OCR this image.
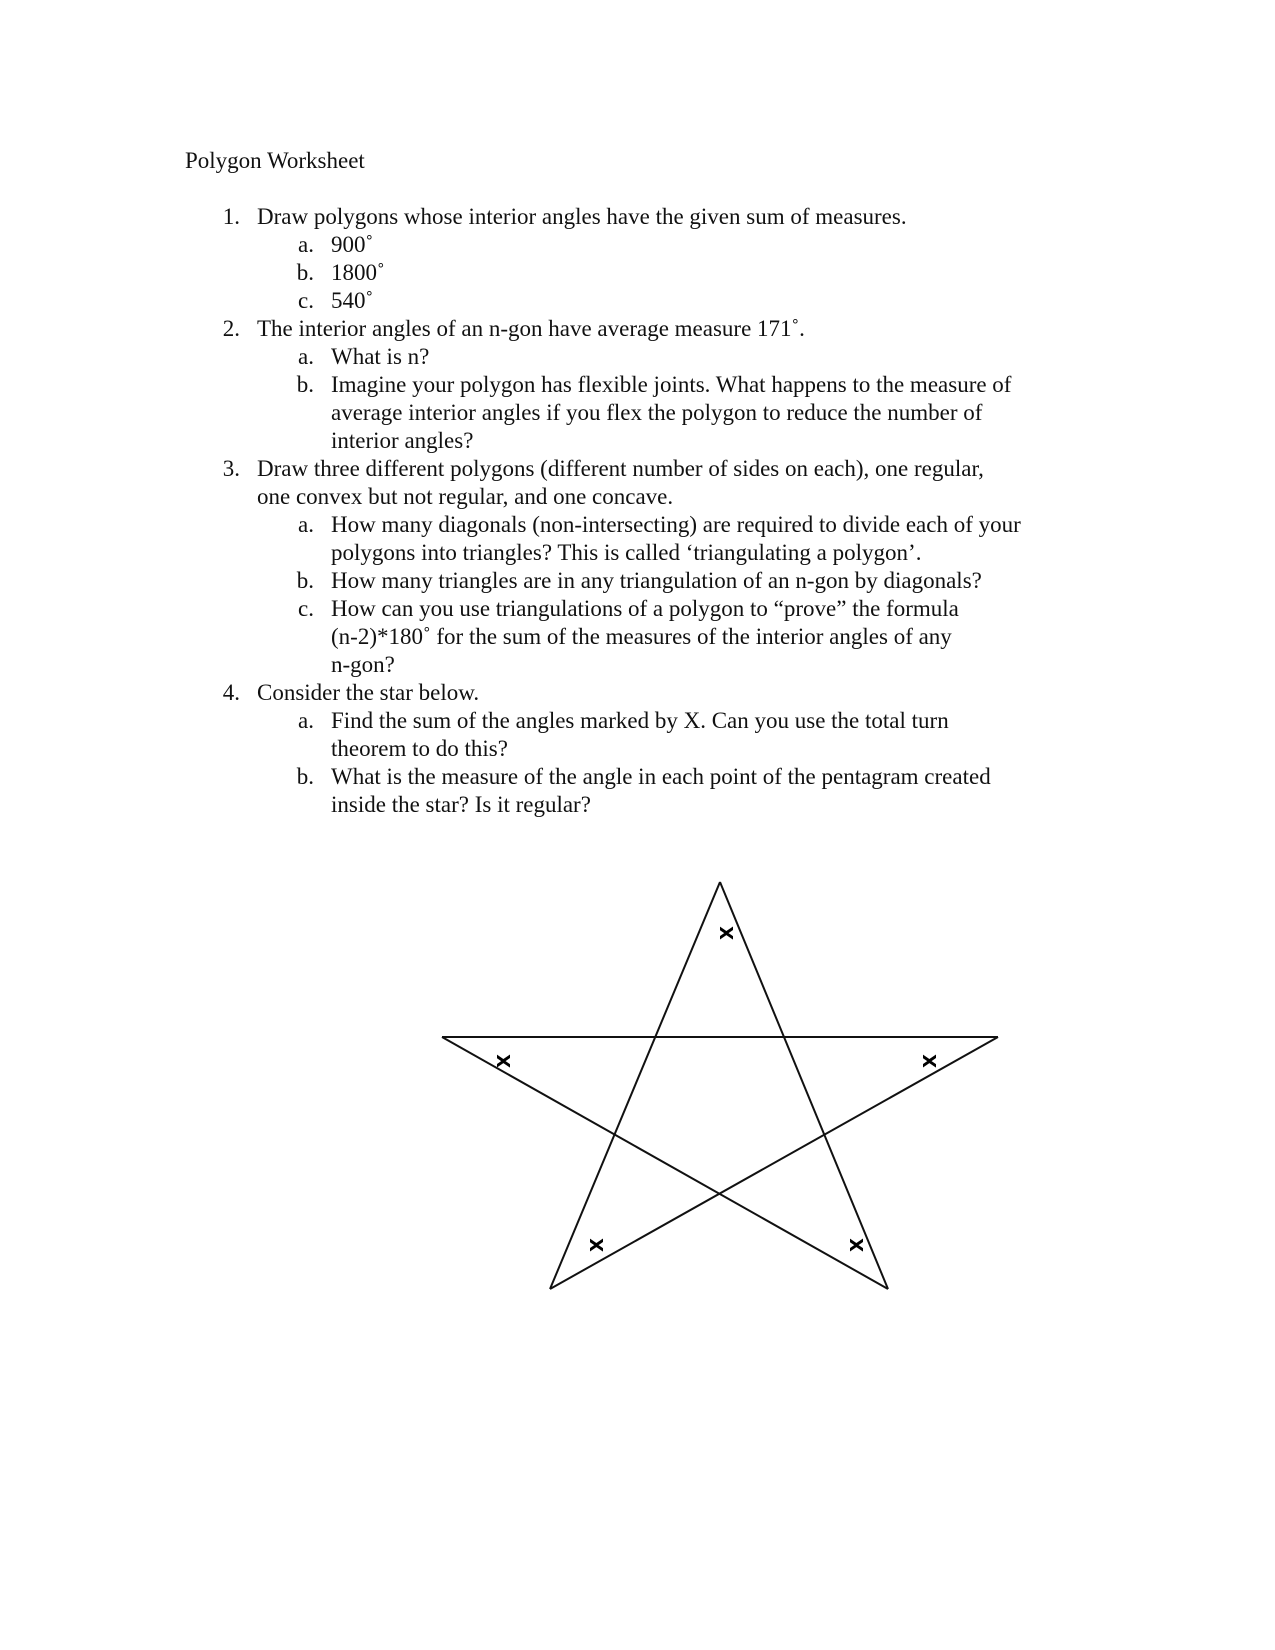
Polygon Worksheet
1. Draw polygons whose interior angles have the given sum of measures.
a. 900˚
b. 1800˚
c. 540˚
2. The interior angles of an n-gon have average measure 171˚.
a. What is n?
b. Imagine your polygon has flexible joints. What happens to the measure of
average interior angles if you flex the polygon to reduce the number of
interior angles?
3. Draw three different polygons (different number of sides on each), one regular,
one convex but not regular, and one concave.
a. How many diagonals (non-intersecting) are required to divide each of your
polygons into triangles? This is called ‘triangulating a polygon’.
b. How many triangles are in any triangulation of an n-gon by diagonals?
c. How can you use triangulations of a polygon to “prove” the formula
(n-2)*180˚ for the sum of the measures of the interior angles of any
n-gon?
4. Consider the star below.
a. Find the sum of the angles marked by X. Can you use the total turn
theorem to do this?
b. What is the measure of the angle in each point of the pentagram created
inside the star? Is it regular?
X
X	X
X	X
